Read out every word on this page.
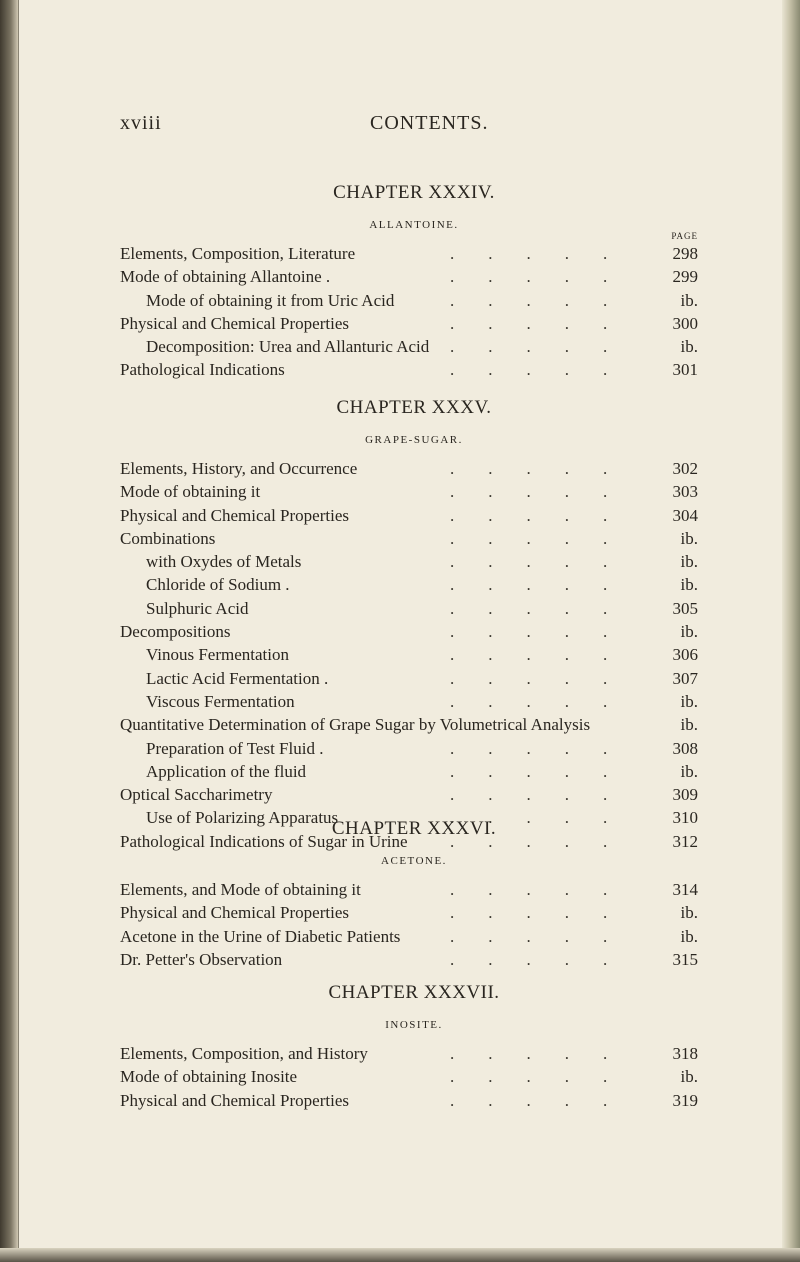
xviii	CONTENTS.
CHAPTER XXXIV.
ALLANTOINE.
PAGE
Elements, Composition, Literature	.        .        .        .        .	298
Mode of obtaining Allantoine .	.        .        .        .        .	299
Mode of obtaining it from Uric Acid	.        .        .        .        .	ib.
Physical and Chemical Properties	.        .        .        .        .	300
Decomposition: Urea and Allanturic Acid .        .        .        .        .	ib.
Pathological Indications	.        .        .        .        .	301
CHAPTER XXXV.
GRAPE-SUGAR.
Elements, History, and Occurrence	.        .        .        .        .	302
Mode of obtaining it	.        .        .        .        .	303
Physical and Chemical Properties	.        .        .        .        .	304
Combinations	.        .        .        .        .	ib.
with Oxydes of Metals	.        .        .        .        .	ib.
Chloride of Sodium .	.        .        .        .        .	ib.
Sulphuric Acid	.        .        .        .        .	305
Decompositions	.        .        .        .        .	ib.
Vinous Fermentation	.        .        .        .        .	306
Lactic Acid Fermentation .	.        .        .        .        .	307
Viscous Fermentation	.        .        .        .        .	ib.
Quantitative Determination of Grape Sugar by Volumetrical Analysis	ib.
Preparation of Test Fluid .	.        .        .        .        .	308
Application of the fluid	.        .        .        .        .	ib.
Optical Saccharimetry	.        .        .        .        .	309
Use of Polarizing Apparatus	.        .        .        .        .	310
Pathological Indications of Sugar in Urine .        .        .        .        .	312
CHAPTER XXXVI.
ACETONE.
Elements, and Mode of obtaining it	.        .        .        .        .	314
Physical and Chemical Properties	.        .        .        .        .	ib.
Acetone in the Urine of Diabetic Patients	.        .        .        .        .	ib.
Dr. Petter's Observation	.        .        .        .        .	315
CHAPTER XXXVII.
INOSITE.
Elements, Composition, and History	.        .        .        .        .	318
Mode of obtaining Inosite	.        .        .        .        .	ib.
Physical and Chemical Properties	.        .        .        .        .	319
